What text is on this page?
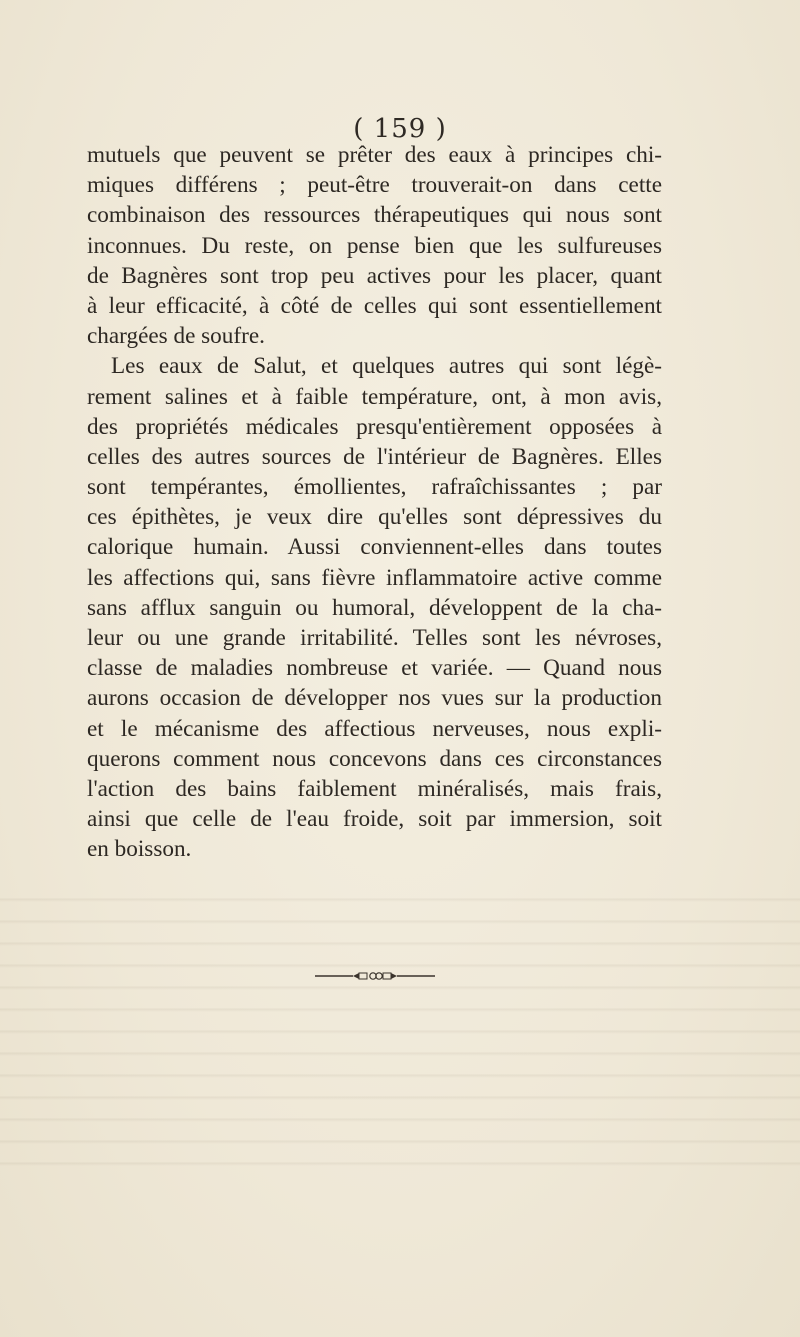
( 159 )
mutuels que peuvent se prêter des eaux à principes chi-
miques différens ; peut-être trouverait-on dans cette
combinaison des ressources thérapeutiques qui nous sont
inconnues. Du reste, on pense bien que les sulfureuses
de Bagnères sont trop peu actives pour les placer, quant
à leur efficacité, à côté de celles qui sont essentiellement
chargées de soufre.
Les eaux de Salut, et quelques autres qui sont légè-
rement salines et à faible température, ont, à mon avis,
des propriétés médicales presqu'entièrement opposées à
celles des autres sources de l'intérieur de Bagnères. Elles
sont tempérantes, émollientes, rafraîchissantes ; par
ces épithètes, je veux dire qu'elles sont dépressives du
calorique humain. Aussi conviennent-elles dans toutes
les affections qui, sans fièvre inflammatoire active comme
sans afflux sanguin ou humoral, développent de la cha-
leur ou une grande irritabilité. Telles sont les névroses,
classe de maladies nombreuse et variée. — Quand nous
aurons occasion de développer nos vues sur la production
et le mécanisme des affectious nerveuses, nous expli-
querons comment nous concevons dans ces circonstances
l'action des bains faiblement minéralisés, mais frais,
ainsi que celle de l'eau froide, soit par immersion, soit
en boisson.
